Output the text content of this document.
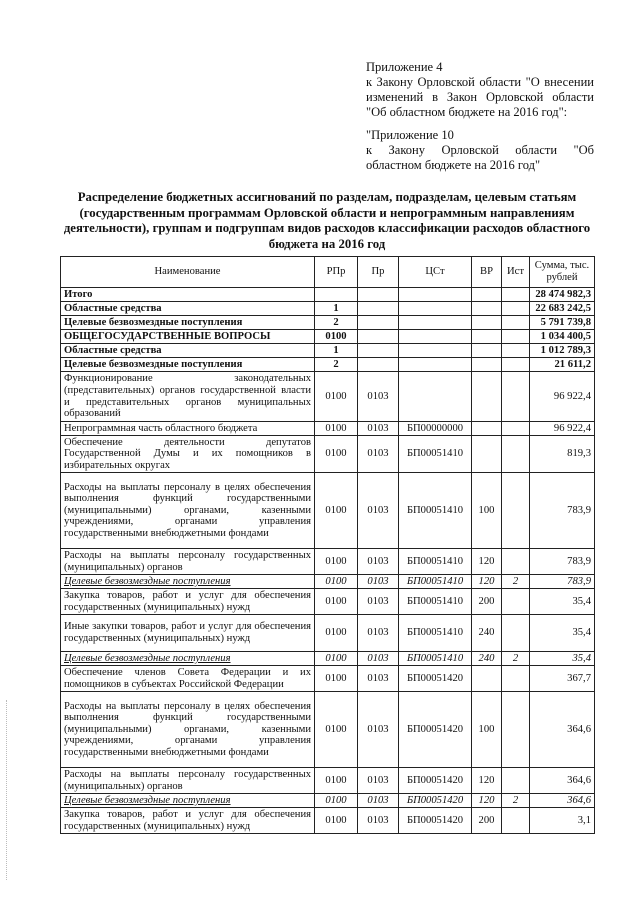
Приложение 4

к Закону Орловской области "О внесении изменений в Закон Орловской области "Об областном бюджете на 2016 год":

"Приложение 10

к Закону Орловской области "Об областном бюджете на 2016 год"

Распределение бюджетных ассигнований по разделам, подразделам, целевым статьям (государственным программам Орловской области и непрограммным направлениям деятельности), группам и подгруппам видов расходов классификации расходов областного бюджета на 2016 год
Наименование	РПр	Пр	ЦСт	ВР	Ист	Сумма, тыс. рублей
Итого						28 474 982,3
Областные средства	1					22 683 242,5
Целевые безвозмездные поступления	2					5 791 739,8
ОБЩЕГОСУДАРСТВЕННЫЕ ВОПРОСЫ	0100					1 034 400,5
Областные средства	1					1 012 789,3
Целевые безвозмездные поступления	2					21 611,2
Функционирование законодательных (представительных) органов государственной власти и представительных органов муниципальных образований	0100	0103				96 922,4
Непрограммная часть областного бюджета	0100	0103	БП00000000			96 922,4
Обеспечение деятельности депутатов Государственной Думы и их помощников в избирательных округах	0100	0103	БП00051410			819,3
Расходы на выплаты персоналу в целях обеспечения выполнения функций государственными (муниципальными) органами, казенными учреждениями, органами управления государственными внебюджетными фондами	0100	0103	БП00051410	100		783,9
Расходы на выплаты персоналу государственных (муниципальных) органов	0100	0103	БП00051410	120		783,9
Целевые безвозмездные поступления	0100	0103	БП00051410	120	2	783,9
Закупка товаров, работ и услуг для обеспечения государственных (муниципальных) нужд	0100	0103	БП00051410	200		35,4
Иные закупки товаров, работ и услуг для обеспечения государственных (муниципальных) нужд	0100	0103	БП00051410	240		35,4
Целевые безвозмездные поступления	0100	0103	БП00051410	240	2	35,4
Обеспечение членов Совета Федерации и их помощников в субъектах Российской Федерации	0100	0103	БП00051420			367,7
Расходы на выплаты персоналу в целях обеспечения выполнения функций государственными (муниципальными) органами, казенными учреждениями, органами управления государственными внебюджетными фондами	0100	0103	БП00051420	100		364,6
Расходы на выплаты персоналу государственных (муниципальных) органов	0100	0103	БП00051420	120		364,6
Целевые безвозмездные поступления	0100	0103	БП00051420	120	2	364,6
Закупка товаров, работ и услуг для обеспечения государственных (муниципальных) нужд	0100	0103	БП00051420	200		3,1
